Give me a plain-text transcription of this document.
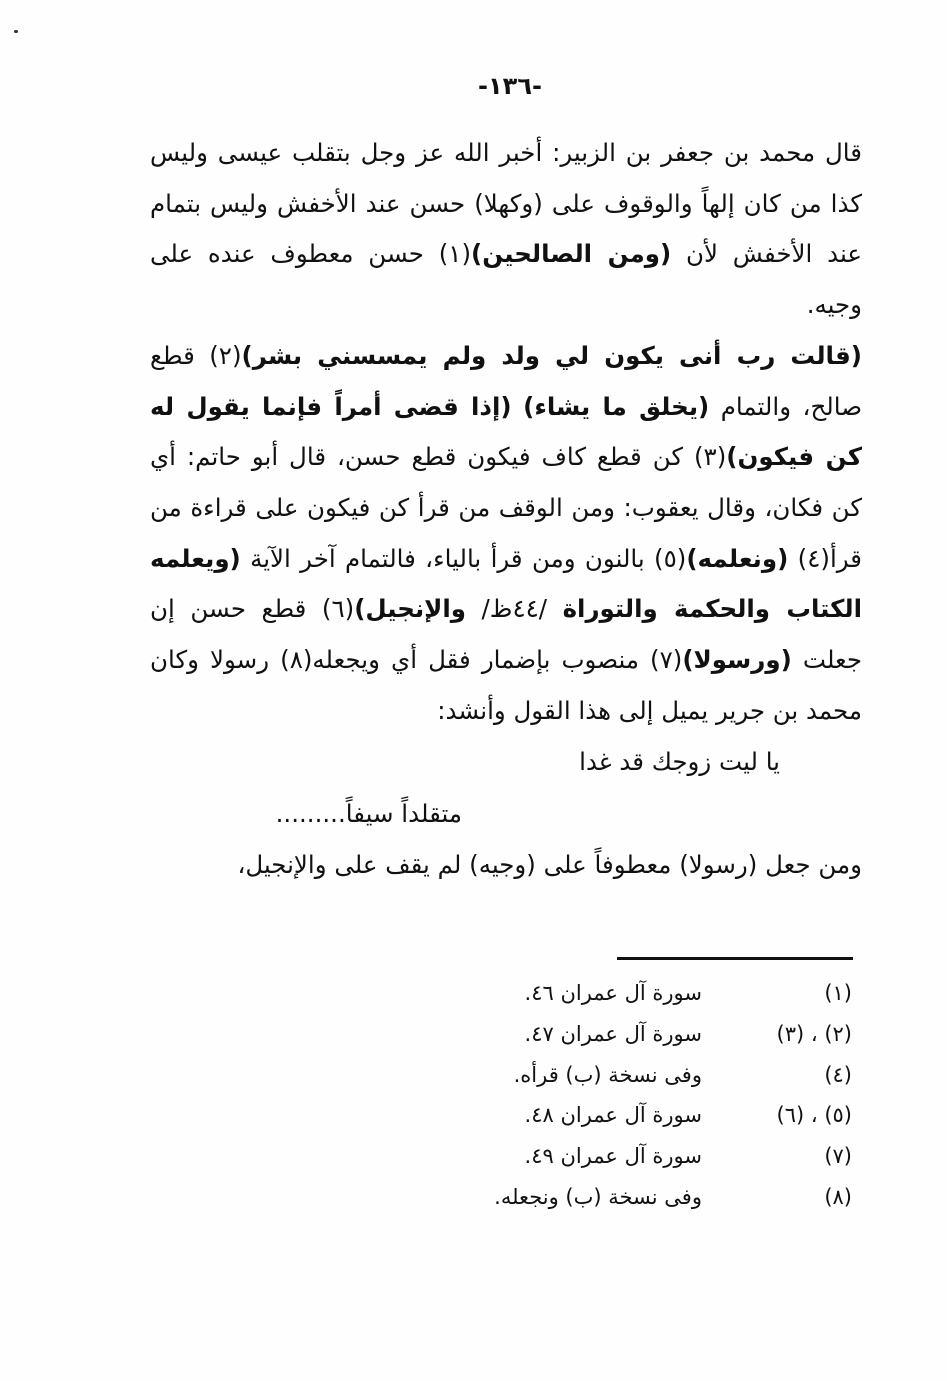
-١٣٦-

قال محمد بن جعفر بن الزبير: أخبر الله عز وجل بتقلب عيسى وليس كذا من كان إلهاً والوقوف على (وكهلا) حسن عند الأخفش وليس بتمام عند الأخفش لأن (ومن الصالحين)(١) حسن معطوف عنده على وجيه.

(قالت رب أنى يكون لي ولد ولم يمسسني بشر)(٢) قطع صالح، والتمام (يخلق ما يشاء) (إذا قضى أمراً فإنما يقول له كن فيكون)(٣) كن قطع كاف فيكون قطع حسن، قال أبو حاتم: أي كن فكان، وقال يعقوب: ومن الوقف من قرأ كن فيكون على قراءة من قرأ(٤) (ونعلمه)(٥) بالنون ومن قرأ بالياء، فالتمام آخر الآية (ويعلمه الكتاب والحكمة والتوراة /٤٤ظ/ والإنجيل)(٦) قطع حسن إن جعلت (ورسولا)(٧) منصوب بإضمار فقل أي ويجعله(٨) رسولا وكان محمد بن جرير يميل إلى هذا القول وأنشد:

يا ليت زوجك قد غدا
متقلداً سيفاً.........

ومن جعل (رسولا) معطوفاً على (وجيه) لم يقف على والإنجيل،

(١)
سورة آل عمران ٤٦.
(٢) ، (٣)
سورة آل عمران ٤٧.
(٤)
وفى نسخة (ب) قرأه.
(٥) ، (٦)
سورة آل عمران ٤٨.
(٧)
سورة آل عمران ٤٩.
(٨)
وفى نسخة (ب) ونجعله.
